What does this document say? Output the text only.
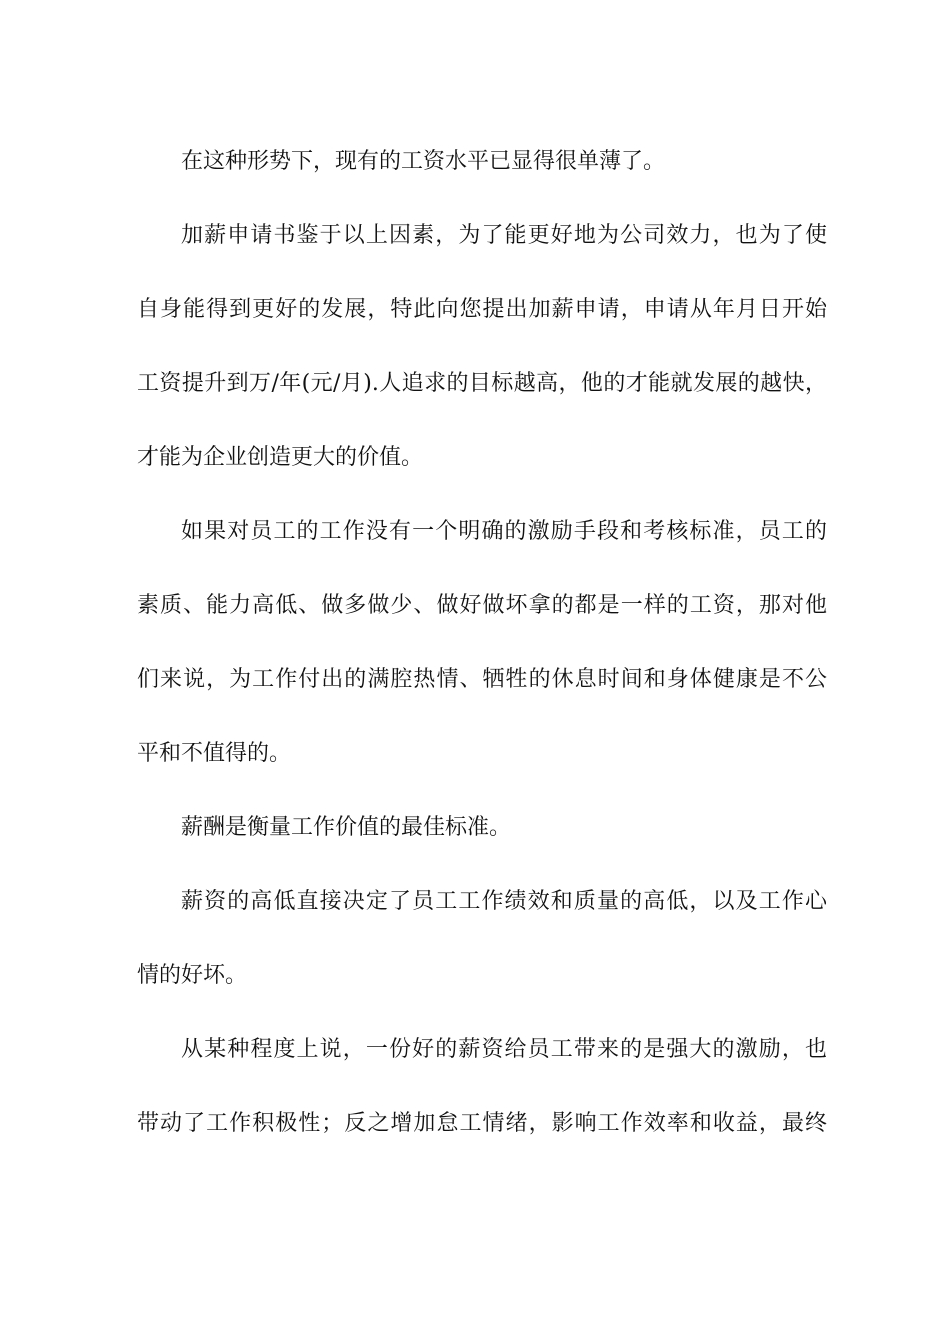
在这种形势下，现有的工资水平已显得很单薄了。
加薪申请书鉴于以上因素，为了能更好地为公司效力，也为了使
自身能得到更好的发展，特此向您提出加薪申请，申请从年月日开始
工资提升到万/年(元/月).人追求的目标越高，他的才能就发展的越快，
才能为企业创造更大的价值。
如果对员工的工作没有一个明确的激励手段和考核标准，员工的
素质、能力高低、做多做少、做好做坏拿的都是一样的工资，那对他
们来说，为工作付出的满腔热情、牺牲的休息时间和身体健康是不公
平和不值得的。
薪酬是衡量工作价值的最佳标准。
薪资的高低直接决定了员工工作绩效和质量的高低，以及工作心
情的好坏。
从某种程度上说，一份好的薪资给员工带来的是强大的激励，也
带动了工作积极性；反之增加怠工情绪，影响工作效率和收益，最终
